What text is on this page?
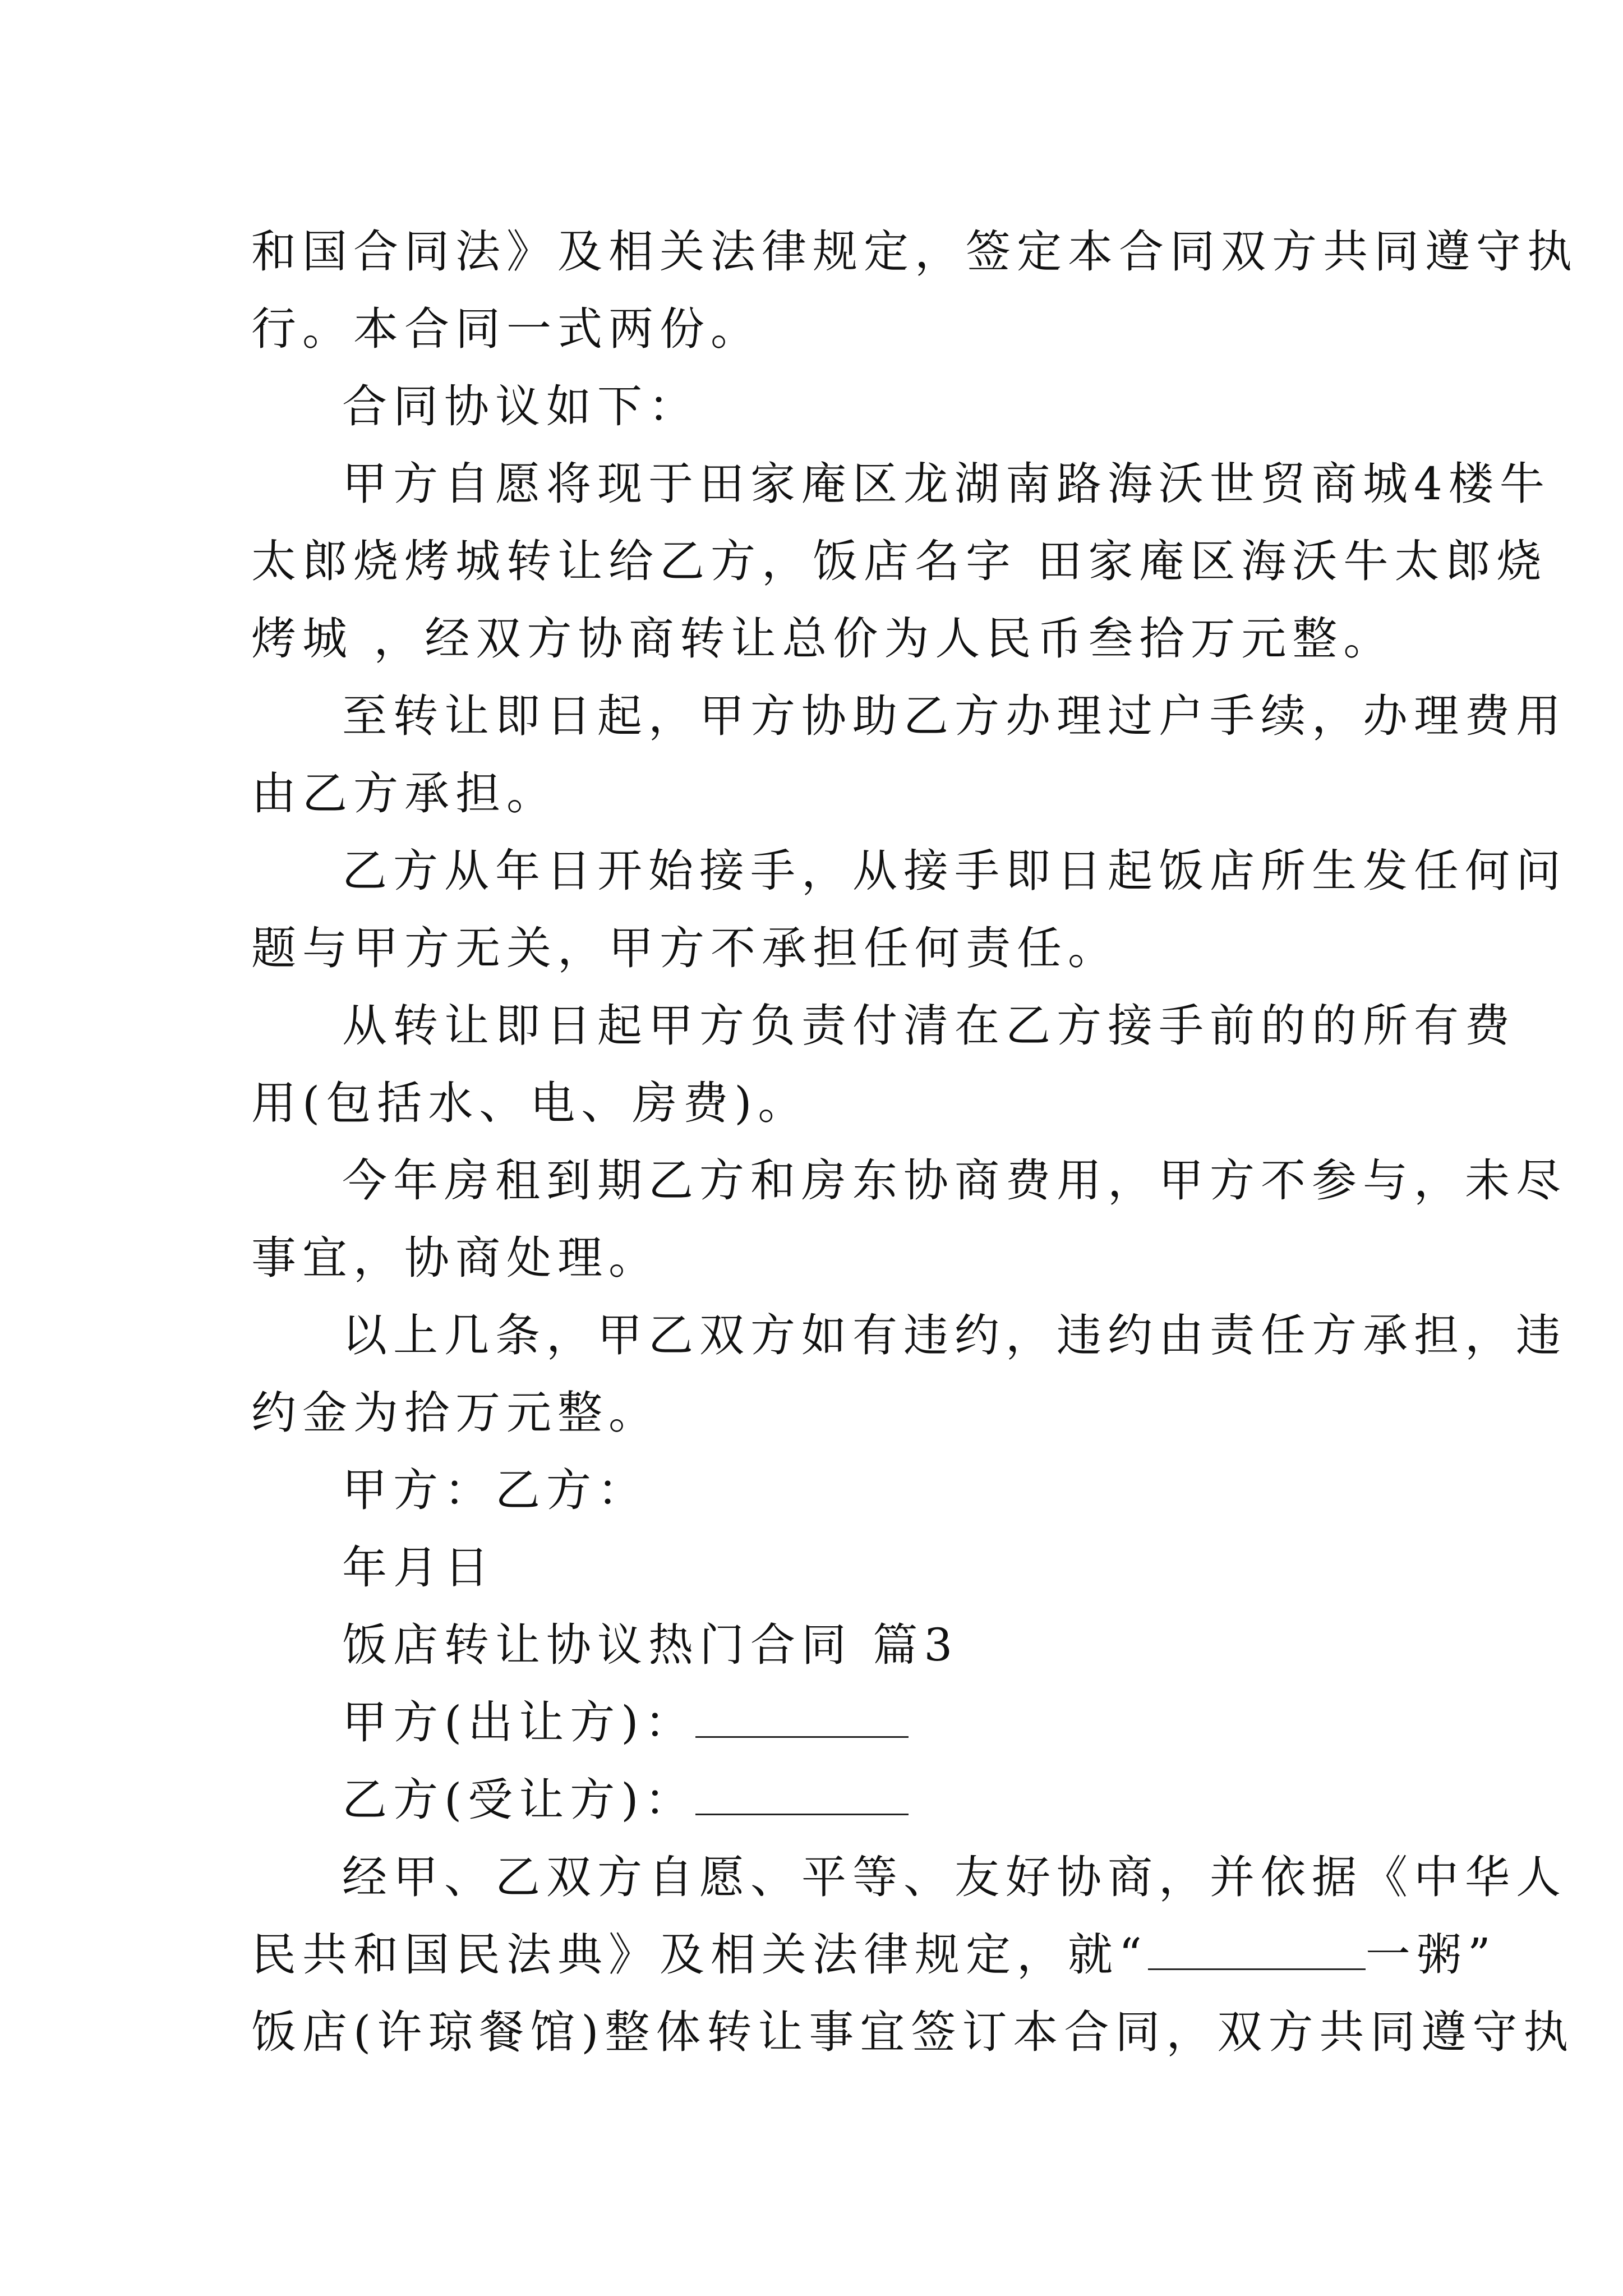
和国合同法》及相关法律规定，签定本合同双方共同遵守执
行。本合同一式两份。

合同协议如下：

甲方自愿将现于田家庵区龙湖南路海沃世贸商城4楼牛
太郎烧烤城转让给乙方，饭店名字 田家庵区海沃牛太郎烧
烤城 ，经双方协商转让总价为人民币叁拾万元整。

至转让即日起，甲方协助乙方办理过户手续，办理费用
由乙方承担。

乙方从年日开始接手，从接手即日起饭店所生发任何问
题与甲方无关，甲方不承担任何责任。

从转让即日起甲方负责付清在乙方接手前的的所有费
用(包括水、电、房费)。

今年房租到期乙方和房东协商费用，甲方不参与，未尽
事宜，协商处理。

以上几条，甲乙双方如有违约，违约由责任方承担，违
约金为拾万元整。

甲方：乙方：

年月日

饭店转让协议热门合同 篇3

甲方(出让方)：

乙方(受让方)：

经甲、乙双方自愿、平等、友好协商，并依据《中华人
民共和国民法典》及相关法律规定，就“	一粥”
饭店(许琼餐馆)整体转让事宜签订本合同，双方共同遵守执
